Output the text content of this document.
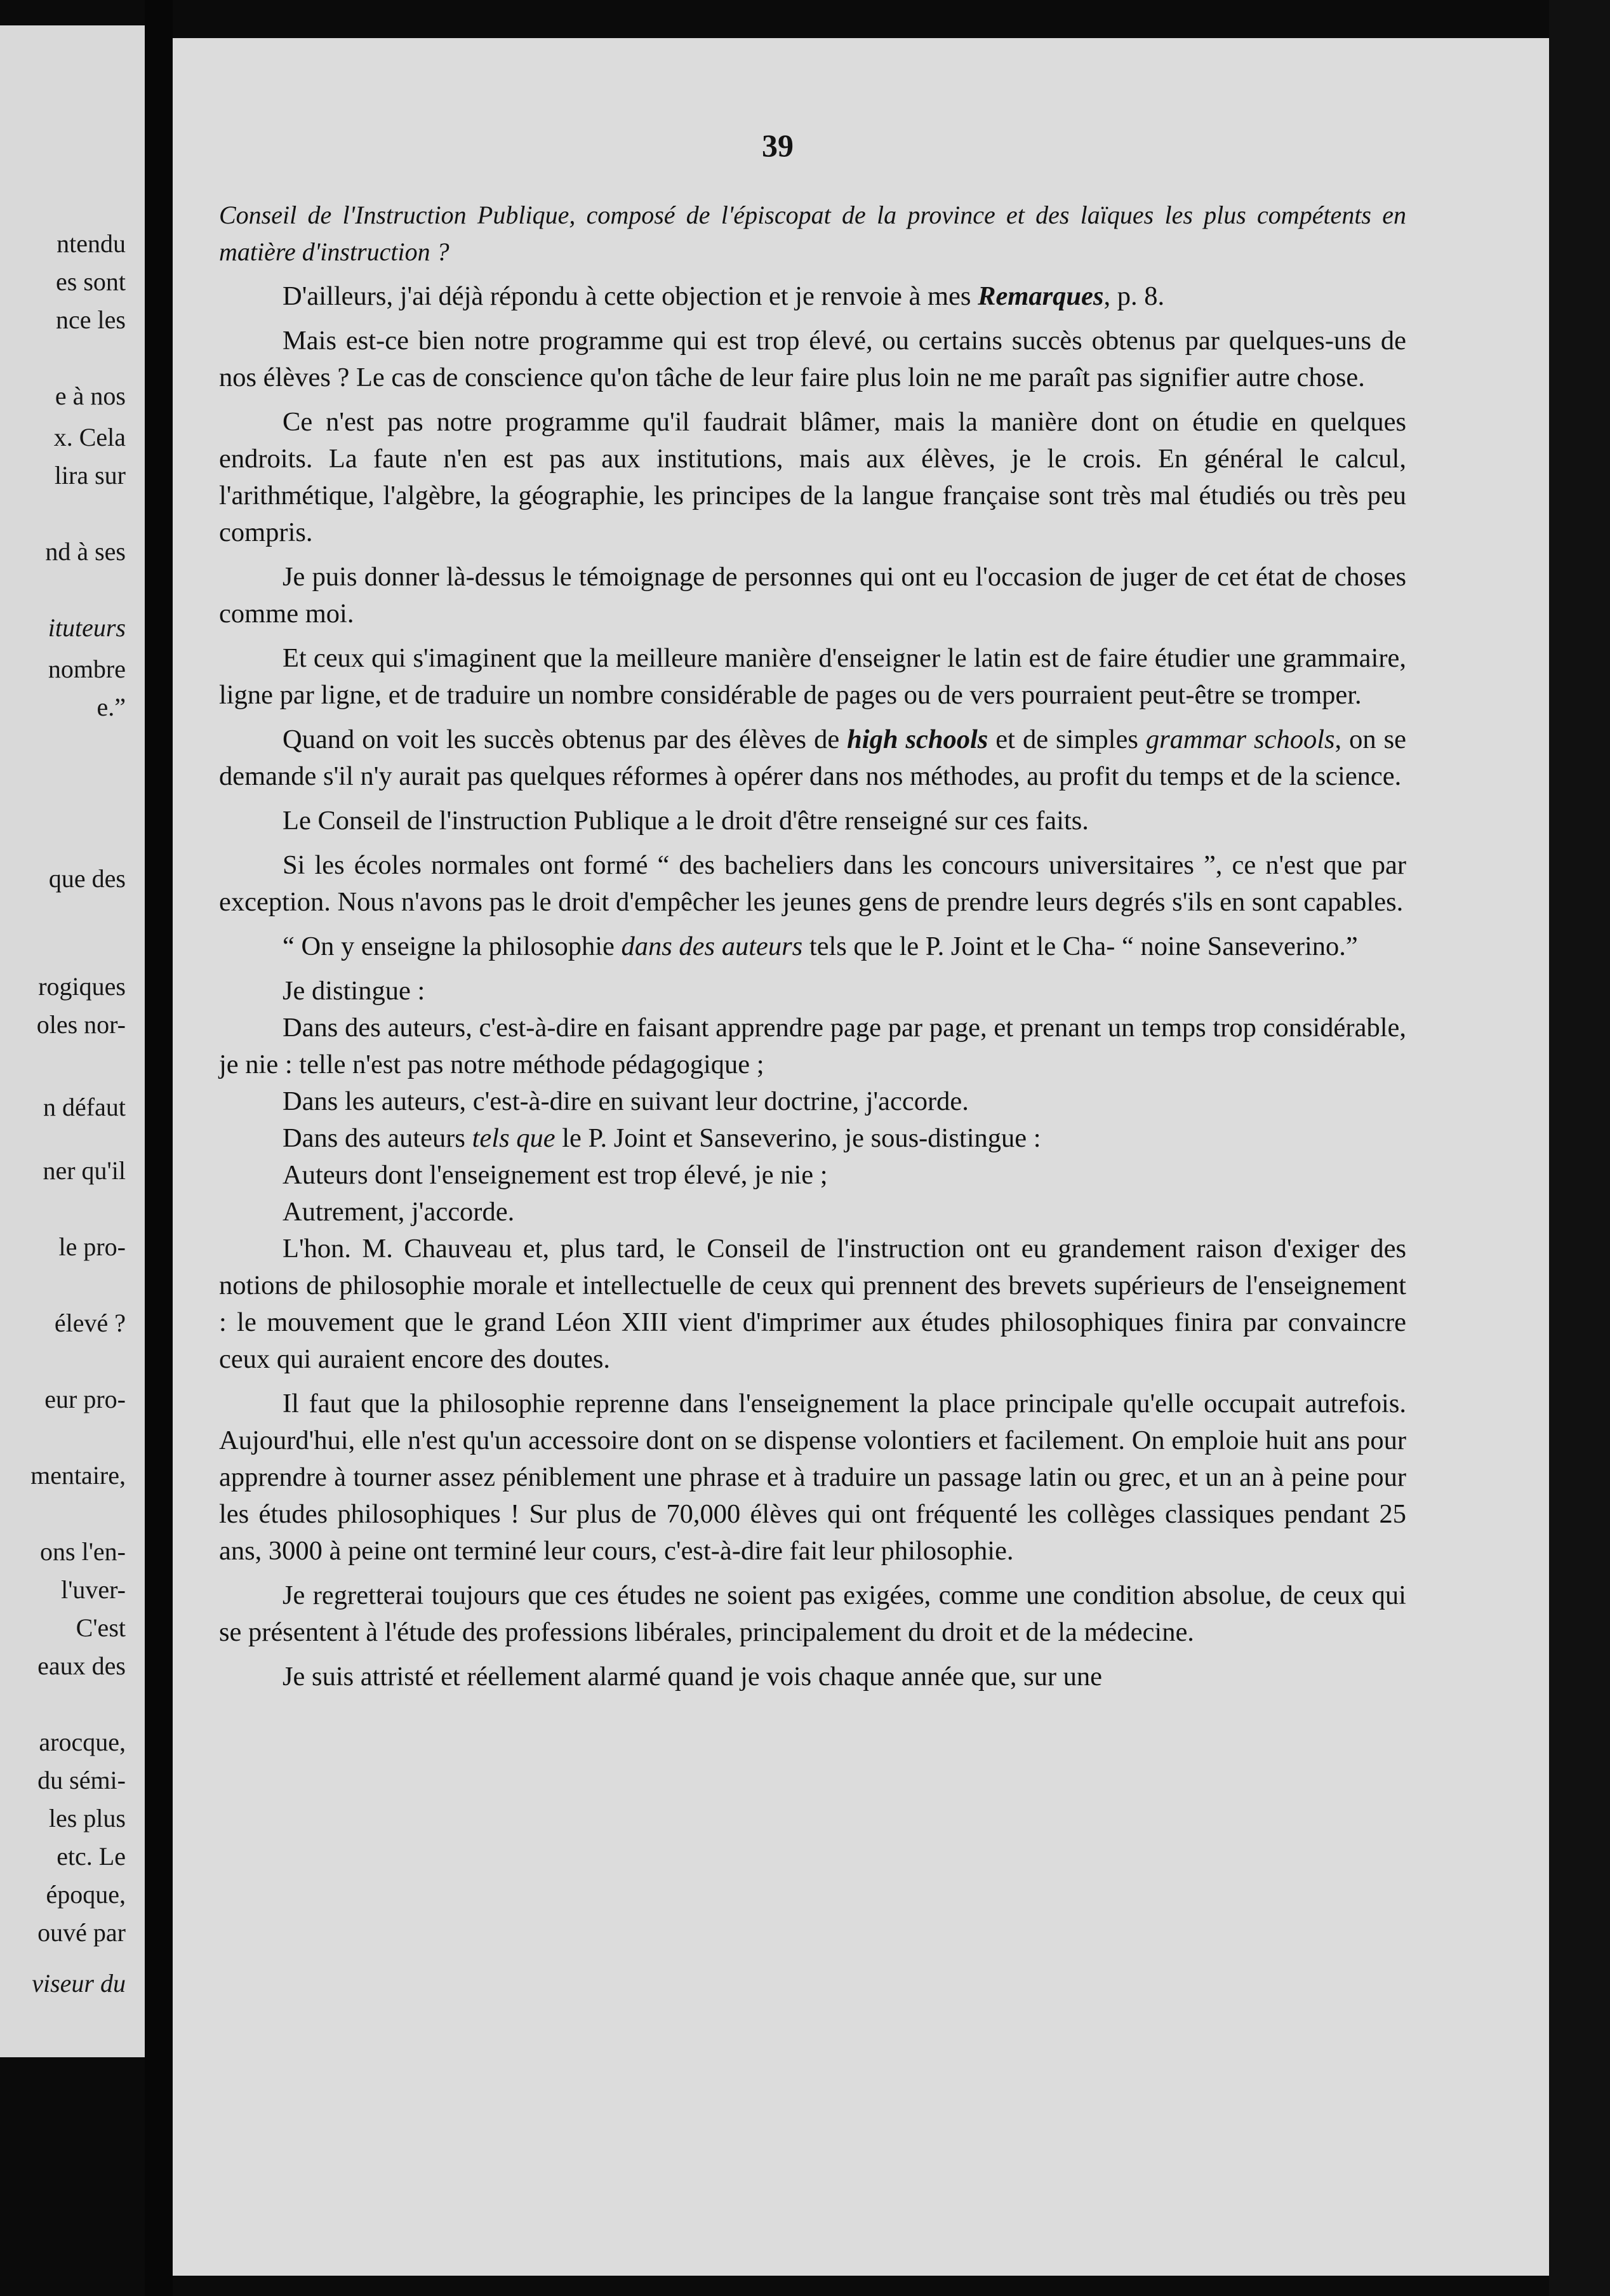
ntendu
es sont
nce les
e à nos
x. Cela
lira sur
nd à ses
ituteurs
nombre
e.”
que des
rogiques
oles nor-
n défaut
ner qu'il
le pro-
élevé ?
eur pro-
mentaire,
ons l'en-
l'uver-
C'est
eaux des
arocque,
du sémi-
les plus
etc. Le
époque,
ouvé par
viseur du
39

Conseil de l'Instruction Publique, composé de l'épiscopat de la province et des laïques les plus compétents en matière d'instruction ?

D'ailleurs, j'ai déjà répondu à cette objection et je renvoie à mes Remarques, p. 8.

Mais est-ce bien notre programme qui est trop élevé, ou certains succès obtenus par quelques-uns de nos élèves ? Le cas de conscience qu'on tâche de leur faire plus loin ne me paraît pas signifier autre chose.

Ce n'est pas notre programme qu'il faudrait blâmer, mais la manière dont on étudie en quelques endroits. La faute n'en est pas aux institutions, mais aux élèves, je le crois. En général le calcul, l'arithmétique, l'algèbre, la géographie, les principes de la langue française sont très mal étudiés ou très peu compris.

Je puis donner là-dessus le témoignage de personnes qui ont eu l'occasion de juger de cet état de choses comme moi.

Et ceux qui s'imaginent que la meilleure manière d'enseigner le latin est de faire étudier une grammaire, ligne par ligne, et de traduire un nombre considérable de pages ou de vers pourraient peut-être se tromper.

Quand on voit les succès obtenus par des élèves de high schools et de simples grammar schools, on se demande s'il n'y aurait pas quelques réformes à opérer dans nos méthodes, au profit du temps et de la science.

Le Conseil de l'instruction Publique a le droit d'être renseigné sur ces faits.

Si les écoles normales ont formé “ des bacheliers dans les concours universitaires ”, ce n'est que par exception. Nous n'avons pas le droit d'empêcher les jeunes gens de prendre leurs degrés s'ils en sont capables.

“ On y enseigne la philosophie dans des auteurs tels que le P. Joint et le Cha- “ noine Sanseverino.”

Je distingue :

Dans des auteurs, c'est-à-dire en faisant apprendre page par page, et prenant un temps trop considérable, je nie : telle n'est pas notre méthode pédagogique ;

Dans les auteurs, c'est-à-dire en suivant leur doctrine, j'accorde.

Dans des auteurs tels que le P. Joint et Sanseverino, je sous-distingue :

Auteurs dont l'enseignement est trop élevé, je nie ;

Autrement, j'accorde.

L'hon. M. Chauveau et, plus tard, le Conseil de l'instruction ont eu grandement raison d'exiger des notions de philosophie morale et intellectuelle de ceux qui prennent des brevets supérieurs de l'enseignement : le mouvement que le grand Léon XIII vient d'imprimer aux études philosophiques finira par convaincre ceux qui auraient encore des doutes.

Il faut que la philosophie reprenne dans l'enseignement la place principale qu'elle occupait autrefois. Aujourd'hui, elle n'est qu'un accessoire dont on se dispense volontiers et facilement. On emploie huit ans pour apprendre à tourner assez péniblement une phrase et à traduire un passage latin ou grec, et un an à peine pour les études philosophiques ! Sur plus de 70,000 élèves qui ont fréquenté les collèges classiques pendant 25 ans, 3000 à peine ont terminé leur cours, c'est-à-dire fait leur philosophie.

Je regretterai toujours que ces études ne soient pas exigées, comme une condition absolue, de ceux qui se présentent à l'étude des professions libérales, principalement du droit et de la médecine.

Je suis attristé et réellement alarmé quand je vois chaque année que, sur une
